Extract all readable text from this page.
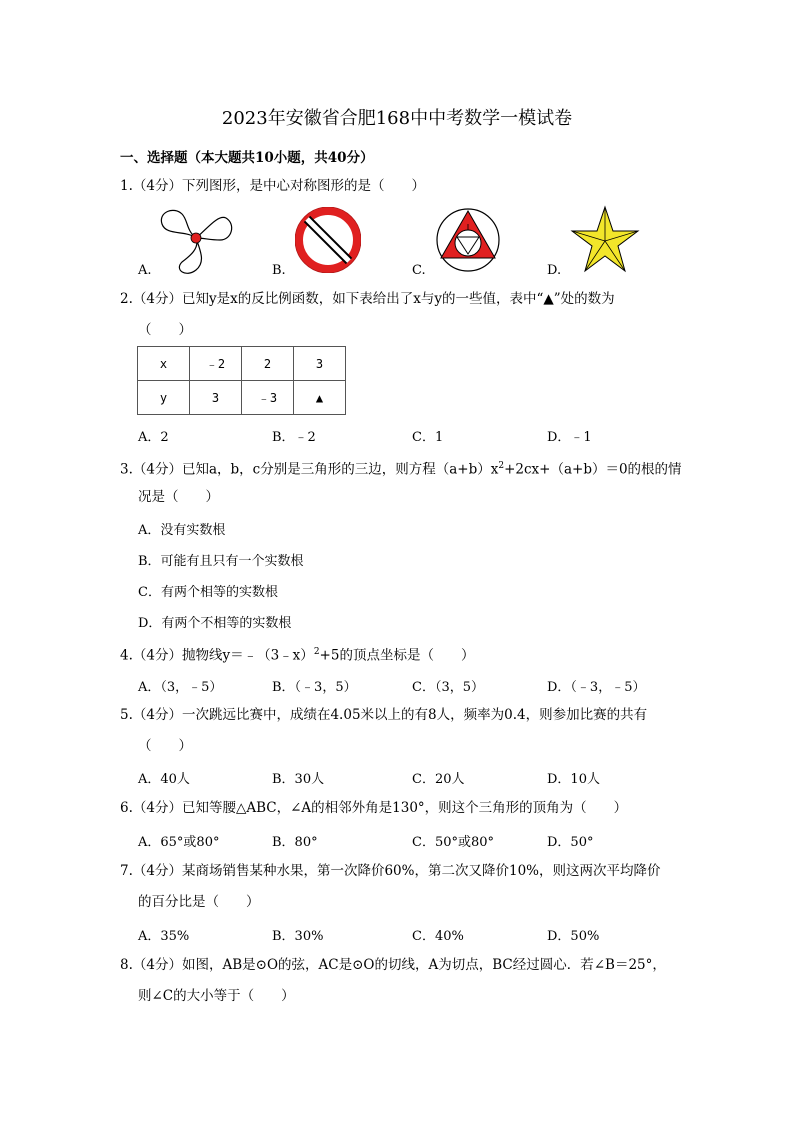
2023年安徽省合肥168中中考数学一模试卷
一、选择题（本大题共10小题，共40分）
1.（4分）下列图形，是中心对称图形的是（　　）
A.	B.	C.	D.
2.（4分）已知y是x的反比例函数，如下表给出了x与y的一些值，表中“▲”处的数为
（　　）
x	﹣2	2	3
y	3	﹣3	▲
A．2	B．﹣2	C．1	D．﹣1
3.（4分）已知a，b，c分别是三角形的三边，则方程$(a+b)x^2+2cx+(a+b)=0$的根的情
况是（　　）
A．没有实数根
B．可能有且只有一个实数根
C．有两个相等的实数根
D．有两个不相等的实数根
4.（4分）抛物线y＝﹣（3﹣x）$^2$+5的顶点坐标是（　　）
A．（3，﹣5）	B．（﹣3，5）	C．（3，5）	D．（﹣3，﹣5）
5.（4分）一次跳远比赛中，成绩在4.05米以上的有8人，频率为0.4，则参加比赛的共有
（　　）
A．40人	B．30人	C．20人	D．10人
6.（4分）已知等腰△ABC，∠A的相邻外角是130°，则这个三角形的顶角为（　　）
A．65°或80°	B．80°	C．50°或80°	D．50°
7.（4分）某商场销售某种水果，第一次降价60%，第二次又降价10%，则这两次平均降价
的百分比是（　　）
A．35%	B．30%	C．40%	D．50%
8.（4分）如图，AB是⊙O的弦，AC是⊙O的切线，A为切点，BC经过圆心．若∠B＝25°，
则∠C的大小等于（　　）
